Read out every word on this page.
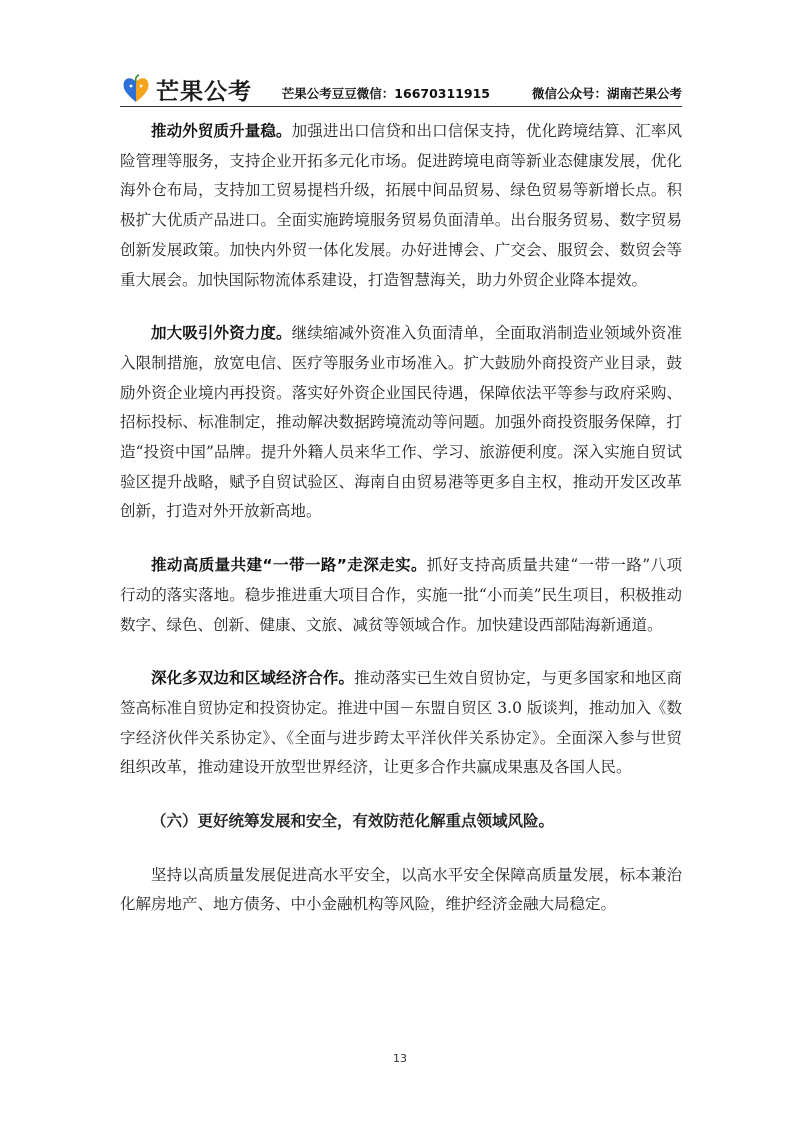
芒果公考 芒果公考豆豆微信：16670311915	微信公众号：湖南芒果公考

推动外贸质升量稳。加强进出口信贷和出口信保支持，优化跨境结算、汇率风险管理等服务，支持企业开拓多元化市场。促进跨境电商等新业态健康发展，优化海外仓布局，支持加工贸易提档升级，拓展中间品贸易、绿色贸易等新增长点。积极扩大优质产品进口。全面实施跨境服务贸易负面清单。出台服务贸易、数字贸易创新发展政策。加快内外贸一体化发展。办好进博会、广交会、服贸会、数贸会等重大展会。加快国际物流体系建设，打造智慧海关，助力外贸企业降本提效。

加大吸引外资力度。继续缩减外资准入负面清单，全面取消制造业领域外资准入限制措施，放宽电信、医疗等服务业市场准入。扩大鼓励外商投资产业目录，鼓励外资企业境内再投资。落实好外资企业国民待遇，保障依法平等参与政府采购、招标投标、标准制定，推动解决数据跨境流动等问题。加强外商投资服务保障，打造“投资中国”品牌。提升外籍人员来华工作、学习、旅游便利度。深入实施自贸试验区提升战略，赋予自贸试验区、海南自由贸易港等更多自主权，推动开发区改革创新，打造对外开放新高地。

推动高质量共建“一带一路”走深走实。抓好支持高质量共建“一带一路”八项行动的落实落地。稳步推进重大项目合作，实施一批“小而美”民生项目，积极推动数字、绿色、创新、健康、文旅、减贫等领域合作。加快建设西部陆海新通道。

深化多双边和区域经济合作。推动落实已生效自贸协定，与更多国家和地区商签高标准自贸协定和投资协定。推进中国－东盟自贸区 3.0 版谈判，推动加入《数字经济伙伴关系协定》、《全面与进步跨太平洋伙伴关系协定》。全面深入参与世贸组织改革，推动建设开放型世界经济，让更多合作共赢成果惠及各国人民。

（六）更好统筹发展和安全，有效防范化解重点领域风险。

坚持以高质量发展促进高水平安全，以高水平安全保障高质量发展，标本兼治化解房地产、地方债务、中小金融机构等风险，维护经济金融大局稳定。

13
